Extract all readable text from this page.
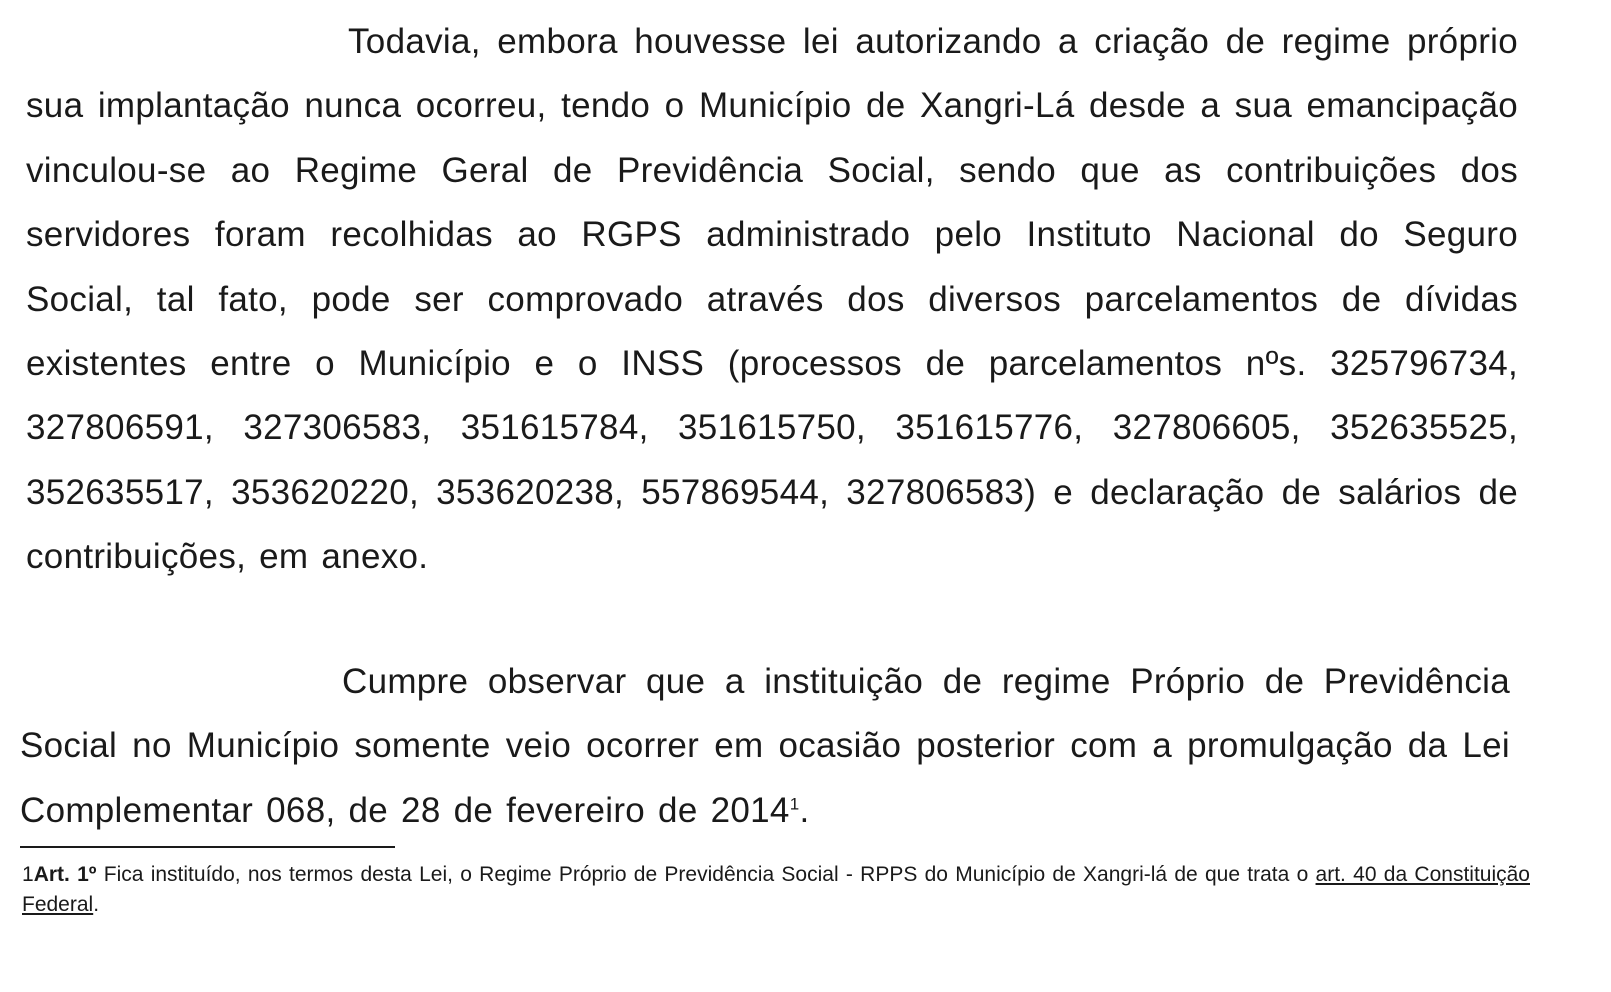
Todavia, embora houvesse lei autorizando a criação de regime próprio sua implantação nunca ocorreu, tendo o Município de Xangri-Lá desde a sua emancipação vinculou-se ao Regime Geral de Previdência Social, sendo que as contribuições dos servidores foram recolhidas ao RGPS administrado pelo Instituto Nacional do Seguro Social, tal fato, pode ser comprovado através dos diversos parcelamentos de dívidas existentes entre o Município e o INSS (processos de parcelamentos nºs. 325796734, 327806591, 327306583, 351615784, 351615750, 351615776, 327806605, 352635525, 352635517, 353620220, 353620238, 557869544, 327806583) e declaração de salários de contribuições, em anexo.

Cumpre observar que a instituição de regime Próprio de Previdência Social no Município somente veio ocorrer em ocasião posterior com a promulgação da Lei Complementar 068, de 28 de fevereiro de 2014$^1$.

1Art. 1º Fica instituído, nos termos desta Lei, o Regime Próprio de Previdência Social - RPPS do Município de Xangri-lá de que trata o art. 40 da Constituição Federal.
